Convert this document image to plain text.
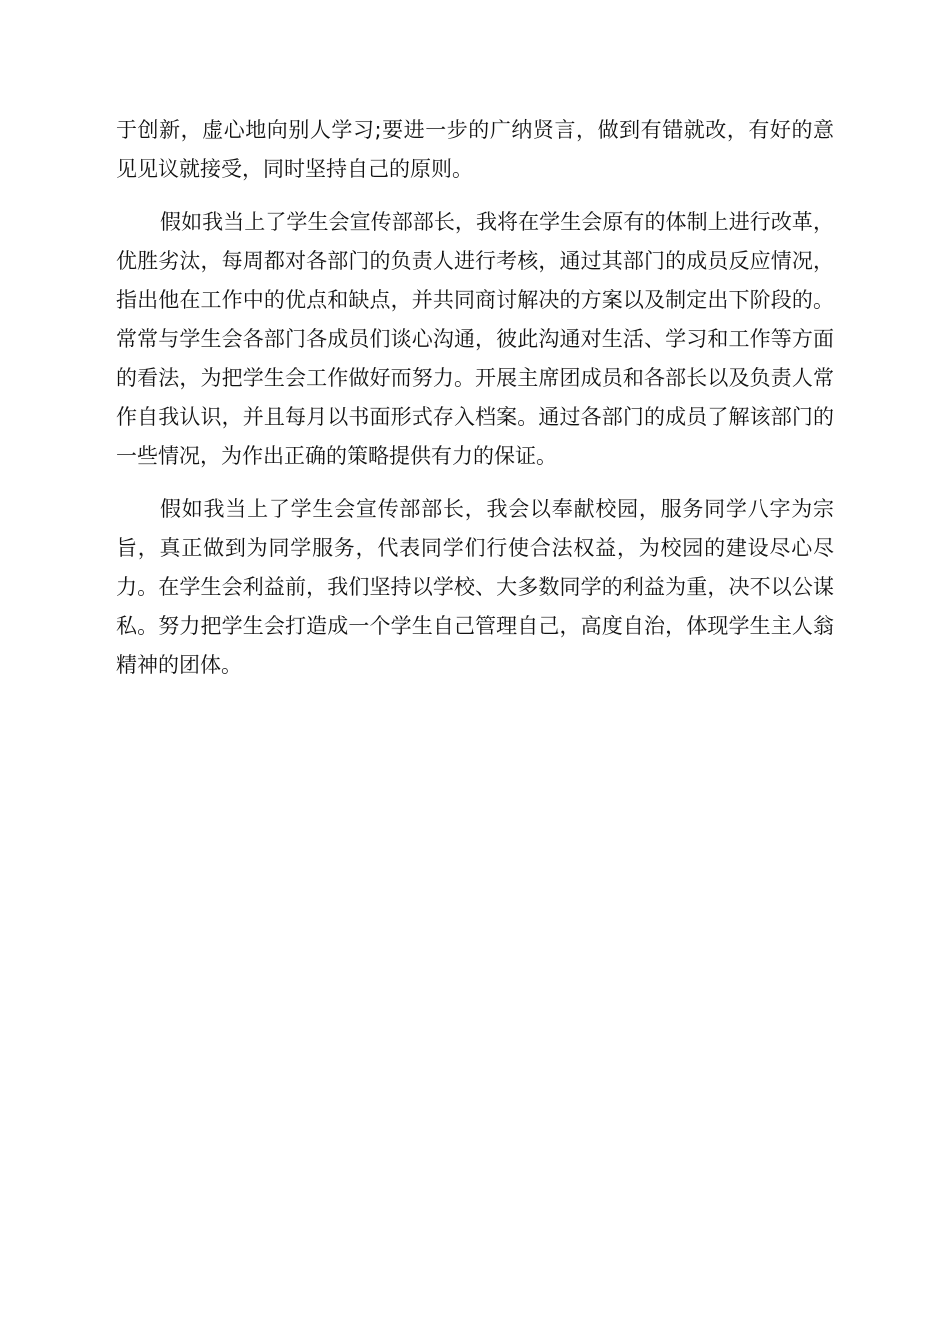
于创新，虚心地向别人学习;要进一步的广纳贤言，做到有错就改，有好的意见见议就接受，同时坚持自己的原则。

假如我当上了学生会宣传部部长，我将在学生会原有的体制上进行改革，优胜劣汰，每周都对各部门的负责人进行考核，通过其部门的成员反应情况，指出他在工作中的优点和缺点，并共同商讨解决的方案以及制定出下阶段的。常常与学生会各部门各成员们谈心沟通，彼此沟通对生活、学习和工作等方面的看法，为把学生会工作做好而努力。开展主席团成员和各部长以及负责人常作自我认识，并且每月以书面形式存入档案。通过各部门的成员了解该部门的一些情况，为作出正确的策略提供有力的保证。

假如我当上了学生会宣传部部长，我会以奉献校园，服务同学八字为宗旨，真正做到为同学服务，代表同学们行使合法权益，为校园的建设尽心尽力。在学生会利益前，我们坚持以学校、大多数同学的利益为重，决不以公谋私。努力把学生会打造成一个学生自己管理自己，高度自治，体现学生主人翁精神的团体。
